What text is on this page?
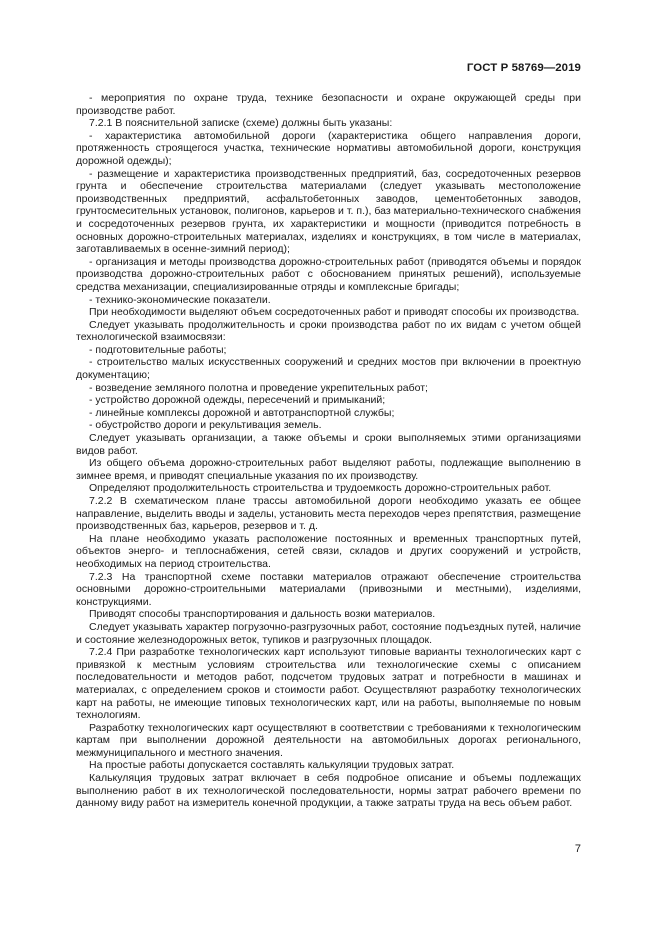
ГОСТ Р 58769—2019

- мероприятия по охране труда, технике безопасности и охране окружающей среды при производстве работ.

7.2.1 В пояснительной записке (схеме) должны быть указаны:

- характеристика автомобильной дороги (характеристика общего направления дороги, протяженность строящегося участка, технические нормативы автомобильной дороги, конструкция дорожной одежды);

- размещение и характеристика производственных предприятий, баз, сосредоточенных резервов грунта и обеспечение строительства материалами (следует указывать местоположение производственных предприятий, асфальтобетонных заводов, цементобетонных заводов, грунтосмесительных установок, полигонов, карьеров и т. п.), баз материально-технического снабжения и сосредоточенных резервов грунта, их характеристики и мощности (приводится потребность в основных дорожно-строительных материалах, изделиях и конструкциях, в том числе в материалах, заготавливаемых в осенне-зимний период);

- организация и методы производства дорожно-строительных работ (приводятся объемы и порядок производства дорожно-строительных работ с обоснованием принятых решений), используемые средства механизации, специализированные отряды и комплексные бригады;

- технико-экономические показатели.

При необходимости выделяют объем сосредоточенных работ и приводят способы их производства.

Следует указывать продолжительность и сроки производства работ по их видам с учетом общей технологической взаимосвязи:

- подготовительные работы;

- строительство малых искусственных сооружений и средних мостов при включении в проектную документацию;

- возведение земляного полотна и проведение укрепительных работ;

- устройство дорожной одежды, пересечений и примыканий;

- линейные комплексы дорожной и автотранспортной службы;

- обустройство дороги и рекультивация земель.

Следует указывать организации, а также объемы и сроки выполняемых этими организациями видов работ.

Из общего объема дорожно-строительных работ выделяют работы, подлежащие выполнению в зимнее время, и приводят специальные указания по их производству.

Определяют продолжительность строительства и трудоемкость дорожно-строительных работ.

7.2.2 В схематическом плане трассы автомобильной дороги необходимо указать ее общее направление, выделить вводы и заделы, установить места переходов через препятствия, размещение производственных баз, карьеров, резервов и т. д.

На плане необходимо указать расположение постоянных и временных транспортных путей, объектов энерго- и теплоснабжения, сетей связи, складов и других сооружений и устройств, необходимых на период строительства.

7.2.3 На транспортной схеме поставки материалов отражают обеспечение строительства основными дорожно-строительными материалами (привозными и местными), изделиями, конструкциями.

Приводят способы транспортирования и дальность возки материалов.

Следует указывать характер погрузочно-разгрузочных работ, состояние подъездных путей, наличие и состояние железнодорожных веток, тупиков и разгрузочных площадок.

7.2.4 При разработке технологических карт используют типовые варианты технологических карт с привязкой к местным условиям строительства или технологические схемы с описанием последовательности и методов работ, подсчетом трудовых затрат и потребности в машинах и материалах, с определением сроков и стоимости работ. Осуществляют разработку технологических карт на работы, не имеющие типовых технологических карт, или на работы, выполняемые по новым технологиям.

Разработку технологических карт осуществляют в соответствии с требованиями к технологическим картам при выполнении дорожной деятельности на автомобильных дорогах регионального, межмуниципального и местного значения.

На простые работы допускается составлять калькуляции трудовых затрат.

Калькуляция трудовых затрат включает в себя подробное описание и объемы подлежащих выполнению работ в их технологической последовательности, нормы затрат рабочего времени по данному виду работ на измеритель конечной продукции, а также затраты труда на весь объем работ.

7
